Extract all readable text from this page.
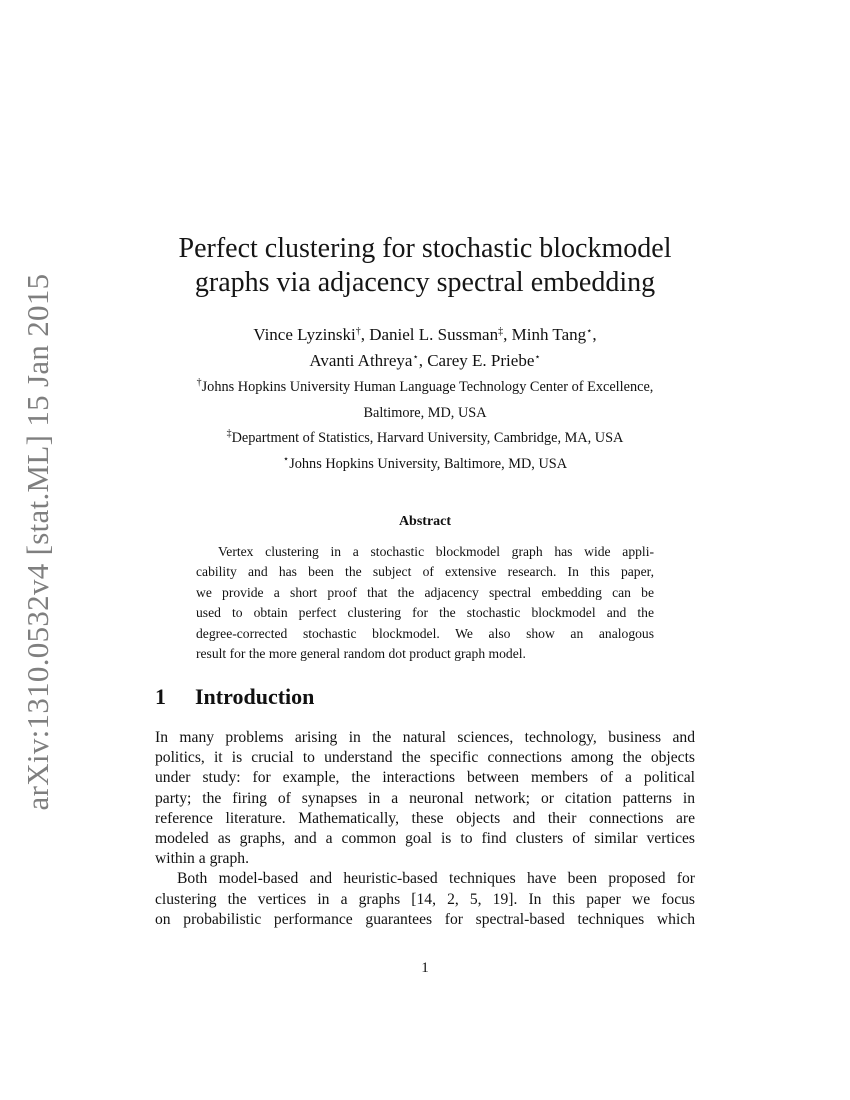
arXiv:1310.0532v4 [stat.ML] 15 Jan 2015
Perfect clustering for stochastic blockmodel
graphs via adjacency spectral embedding
Vince Lyzinski†, Daniel L. Sussman‡, Minh Tang⋆,
Avanti Athreya⋆, Carey E. Priebe⋆
†Johns Hopkins University Human Language Technology Center of Excellence,
Baltimore, MD, USA
‡Department of Statistics, Harvard University, Cambridge, MA, USA
⋆Johns Hopkins University, Baltimore, MD, USA
Abstract
Vertex clustering in a stochastic blockmodel graph has wide appli-
cability and has been the subject of extensive research. In this paper,
we provide a short proof that the adjacency spectral embedding can be
used to obtain perfect clustering for the stochastic blockmodel and the
degree-corrected stochastic blockmodel. We also show an analogous
result for the more general random dot product graph model.
1 Introduction
In many problems arising in the natural sciences, technology, business and
politics, it is crucial to understand the specific connections among the objects
under study: for example, the interactions between members of a political
party; the firing of synapses in a neuronal network; or citation patterns in
reference literature. Mathematically, these objects and their connections are
modeled as graphs, and a common goal is to find clusters of similar vertices
within a graph.
Both model-based and heuristic-based techniques have been proposed for
clustering the vertices in a graphs [14, 2, 5, 19]. In this paper we focus
on probabilistic performance guarantees for spectral-based techniques which
1
